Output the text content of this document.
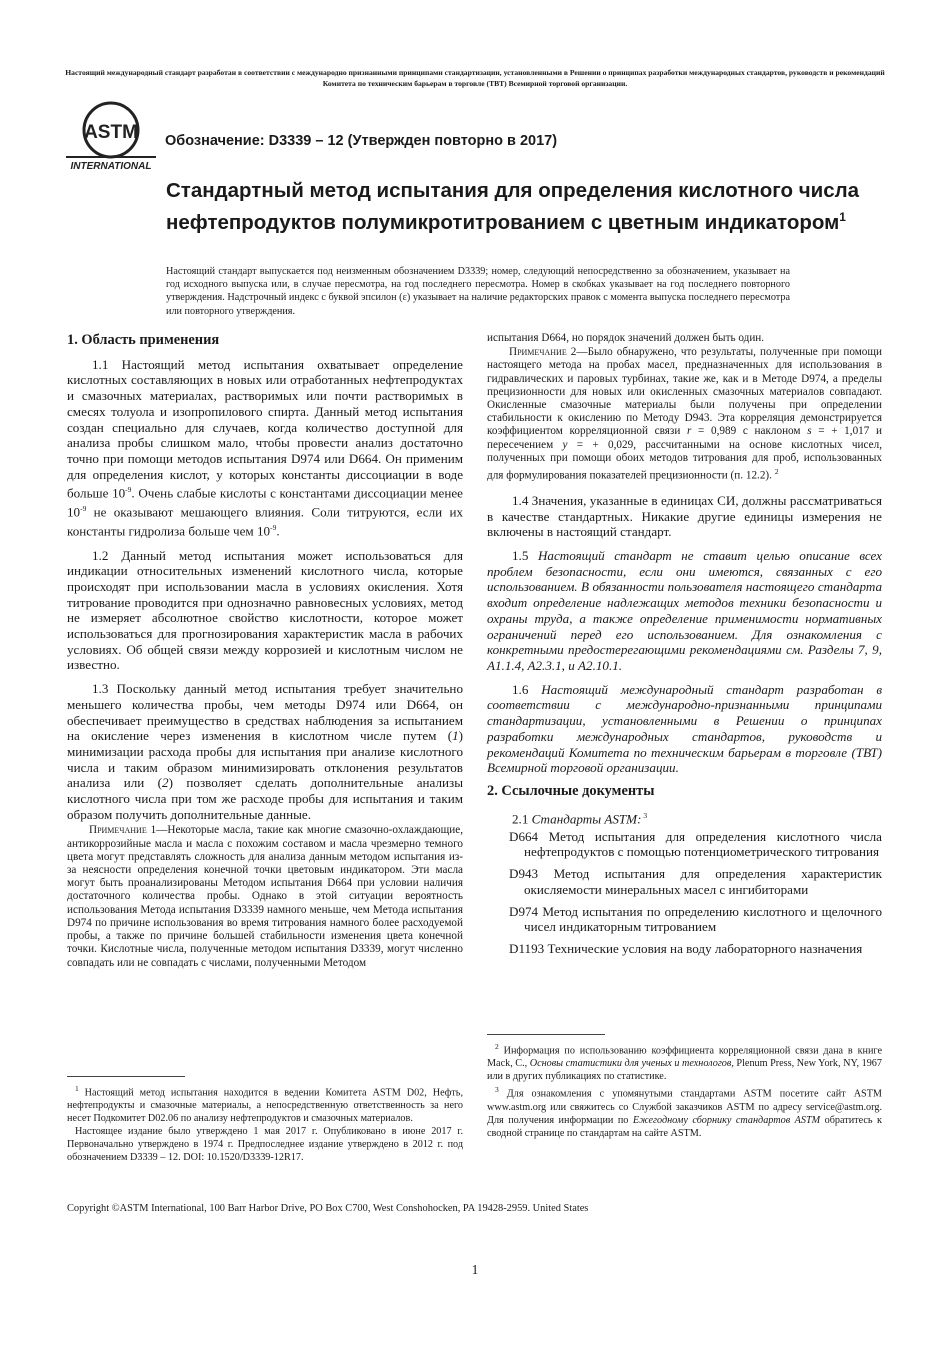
Настоящий международный стандарт разработан в соответствии с международно признанными принципами стандартизации, установленными в Решении о принципах разработки международных стандартов, руководств и рекомендаций Комитета по техническим барьерам в торговле (ТВТ) Всемирной торговой организации.
ASTM
INTERNATIONAL
Обозначение: D3339 – 12 (Утвержден повторно в 2017)
Стандартный метод испытания для определения кислотного числа нефтепродуктов полумикротитрованием с цветным индикатором$^1$
Настоящий стандарт выпускается под неизменным обозначением D3339; номер, следующий непосредственно за обозначением, указывает на год исходного выпуска или, в случае пересмотра, на год последнего пересмотра. Номер в скобках указывает на год последнего повторного утверждения. Надстрочный индекс с буквой эпсилон (ε) указывает на наличие редакторских правок с момента выпуска последнего пересмотра или повторного утверждения.
1. Область применения

1.1 Настоящий метод испытания охватывает определение кислотных составляющих в новых или отработанных нефтепродуктах и смазочных материалах, растворимых или почти растворимых в смесях толуола и изопропилового спирта. Данный метод испытания создан специально для случаев, когда количество доступной для анализа пробы слишком мало, чтобы провести анализ достаточно точно при помощи методов испытания D974 или D664. Он применим для определения кислот, у которых константы диссоциации в воде больше $10^{-9}$. Очень слабые кислоты с константами диссоциации менее $10^{-9}$ не оказывают мешающего влияния. Соли титруются, если их константы гидролиза больше чем $10^{-9}$.

1.2 Данный метод испытания может использоваться для индикации относительных изменений кислотного числа, которые происходят при использовании масла в условиях окисления. Хотя титрование проводится при однозначно равновесных условиях, метод не измеряет абсолютное свойство кислотности, которое может использоваться для прогнозирования характеристик масла в рабочих условиях. Об общей связи между коррозией и кислотным числом не известно.

1.3 Поскольку данный метод испытания требует значительно меньшего количества пробы, чем методы D974 или D664, он обеспечивает преимущество в средствах наблюдения за испытанием на окисление через изменения в кислотном числе путем (1) минимизации расхода пробы для испытания при анализе кислотного числа и таким образом минимизировать отклонения результатов анализа или (2) позволяет сделать дополнительные анализы кислотного числа при том же расходе пробы для испытания и таким образом получить дополнительные данные.

Примечание 1—Некоторые масла, такие как многие смазочно-охлаждающие, антикоррозийные масла и масла с похожим составом и масла чрезмерно темного цвета могут представлять сложность для анализа данным методом испытания из-за неясности определения конечной точки цветовым индикатором. Эти масла могут быть проанализированы Методом испытания D664 при условии наличия достаточного количества пробы. Однако в этой ситуации вероятность использования Метода испытания D3339 намного меньше, чем Метода испытания D974 по причине использования во время титрования намного более расходуемой пробы, а также по причине большей стабильности изменения цвета конечной точки. Кислотные числа, полученные методом испытания D3339, могут численно совпадать или не совпадать с числами, полученными Методом

$^1$ Настоящий метод испытания находится в ведении Комитета ASTM D02, Нефть, нефтепродукты и смазочные материалы, а непосредственную ответственность за него несет Подкомитет D02.06 по анализу нефтепродуктов и смазочных материалов.

Настоящее издание было утверждено 1 мая 2017 г. Опубликовано в июне 2017 г. Первоначально утверждено в 1974 г. Предпоследнее издание утверждено в 2012 г. под обозначением D3339 – 12. DOI: 10.1520/D3339-12R17.

испытания D664, но порядок значений должен быть один.

Примечание 2—Было обнаружено, что результаты, полученные при помощи настоящего метода на пробах масел, предназначенных для использования в гидравлических и паровых турбинах, такие же, как и в Методе D974, а пределы прецизионности для новых или окисленных смазочных материалов совпадают. Окисленные смазочные материалы были получены при определении стабильности к окислению по Методу D943. Эта корреляция демонстрируется коэффициентом корреляционной связи r = 0,989 с наклоном s = + 1,017 и пересечением y = + 0,029, рассчитанными на основе кислотных чисел, полученных при помощи обоих методов титрования для проб, использованных для формулирования показателей прецизионности (п. 12.2). $^2$

1.4 Значения, указанные в единицах СИ, должны рассматриваться в качестве стандартных. Никакие другие единицы измерения не включены в настоящий стандарт.

1.5 Настоящий стандарт не ставит целью описание всех проблем безопасности, если они имеются, связанных с его использованием. В обязанности пользователя настоящего стандарта входит определение надлежащих методов техники безопасности и охраны труда, а также определение применимости нормативных ограничений перед его использованием. Для ознакомления с конкретными предостерегающими рекомендациями см. Разделы 7, 9, A1.1.4, A2.3.1, и A2.10.1.

1.6 Настоящий международный стандарт разработан в соответствии с международно-признанными принципами стандартизации, установленными в Решении о принципах разработки международных стандартов, руководств и рекомендаций Комитета по техническим барьерам в торговле (ТВТ) Всемирной торговой организации.

2. Ссылочные документы

2.1 Стандарты ASTM: $^3$

D664 Метод испытания для определения кислотного числа нефтепродуктов с помощью потенциометрического титрования

D943 Метод испытания для определения характеристик окисляемости минеральных масел с ингибиторами

D974 Метод испытания по определению кислотного и щелочного чисел индикаторным титрованием

D1193 Технические условия на воду лабораторного назначения

$^2$ Информация по использованию коэффициента корреляционной связи дана в книге Mack, C., Основы статистики для ученых и технологов, Plenum Press, New York, NY, 1967 или в других публикациях по статистике.

$^3$ Для ознакомления с упомянутыми стандартами ASTM посетите сайт ASTM www.astm.org или свяжитесь со Службой заказчиков ASTM по адресу service@astm.org. Для получения информации по Ежегодному сборнику стандартов ASTM обратитесь к сводной странице по стандартам на сайте ASTM.

Copyright ©ASTM International, 100 Barr Harbor Drive, PO Box C700, West Conshohocken, PA 19428-2959. United States
1
